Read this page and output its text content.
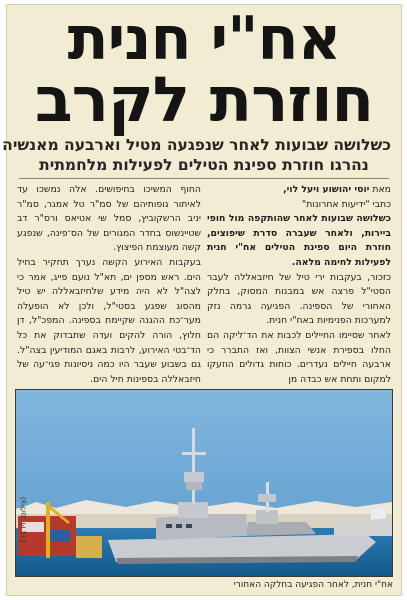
אח"י חנית
חוזרת לקרב
כשלושה שבועות לאחר שנפגעה מטיל וארבעה מאנשיה
נהרגו חוזרת ספינת הטילים לפעילות מלחמתית

מאת יוסי יהושוע ויעל לוי,

כתבי "ידיעות אחרונות"

כשלושה שבועות לאחר שהותקפה מול חופי ביירות, ולאחר שעברה סדרת שיפוצים, חוזרת היום ספינת הטילים אח"י חנית לפעילות לחימה מלאה.

כזכור, בעקבות ירי טיל של חיזבאללה לעבר הסטי"ל פרצה אש במבנות המסוק, בחלק האחורי של הספינה. הפגיעה גרמה נזק למערכות הפנימיות באח"י חנית.

לאחר שסיימו החיילים לכבות את הד־ליקה הם החלו בספירת אנשי הצוות, ואז התברר כי ארבעה חיילים נעדרים. כוחות גדולים הוזעקו למקום ותחת אש כבדה מן

החוף המשיכו בחיפושים. אלה נמשכו עד לאיתור גופותיהם של סמ"ר טל אמגר, סמ"ר יניב הרשקוביץ, סמל שי אטיאס ורס"ר דב שטיינשוס בחדר המגורים של הס־פינה, שנפגע קשה מעוצמת הפיצוץ.

בעקבות האירוע הקשה נערך תחקיר בחיל הים. ראש מספן ים, תא"ל נועם פייג, אמר כי לצה"ל לא היה מידע שלחיזבאללה יש טיל מהסוג שפגע בסטי"ל, ולכן לא הופעלה מער־כת ההגנה שקיימת בספינה. המפכ"ל, דן חלוץ, הורה להקים ועדה שתבדוק את כל הד־בטי האירוע, לרבות באגם המודיעין בצה"ל. גם בשבוע שעבר היו כמה ניסיונות פגי־עה של חיזבאללה בספינות חיל הים.

(צילום: זיו בר)
אח"י חנית, לאחר הפגיעה בחלקה האחורי
